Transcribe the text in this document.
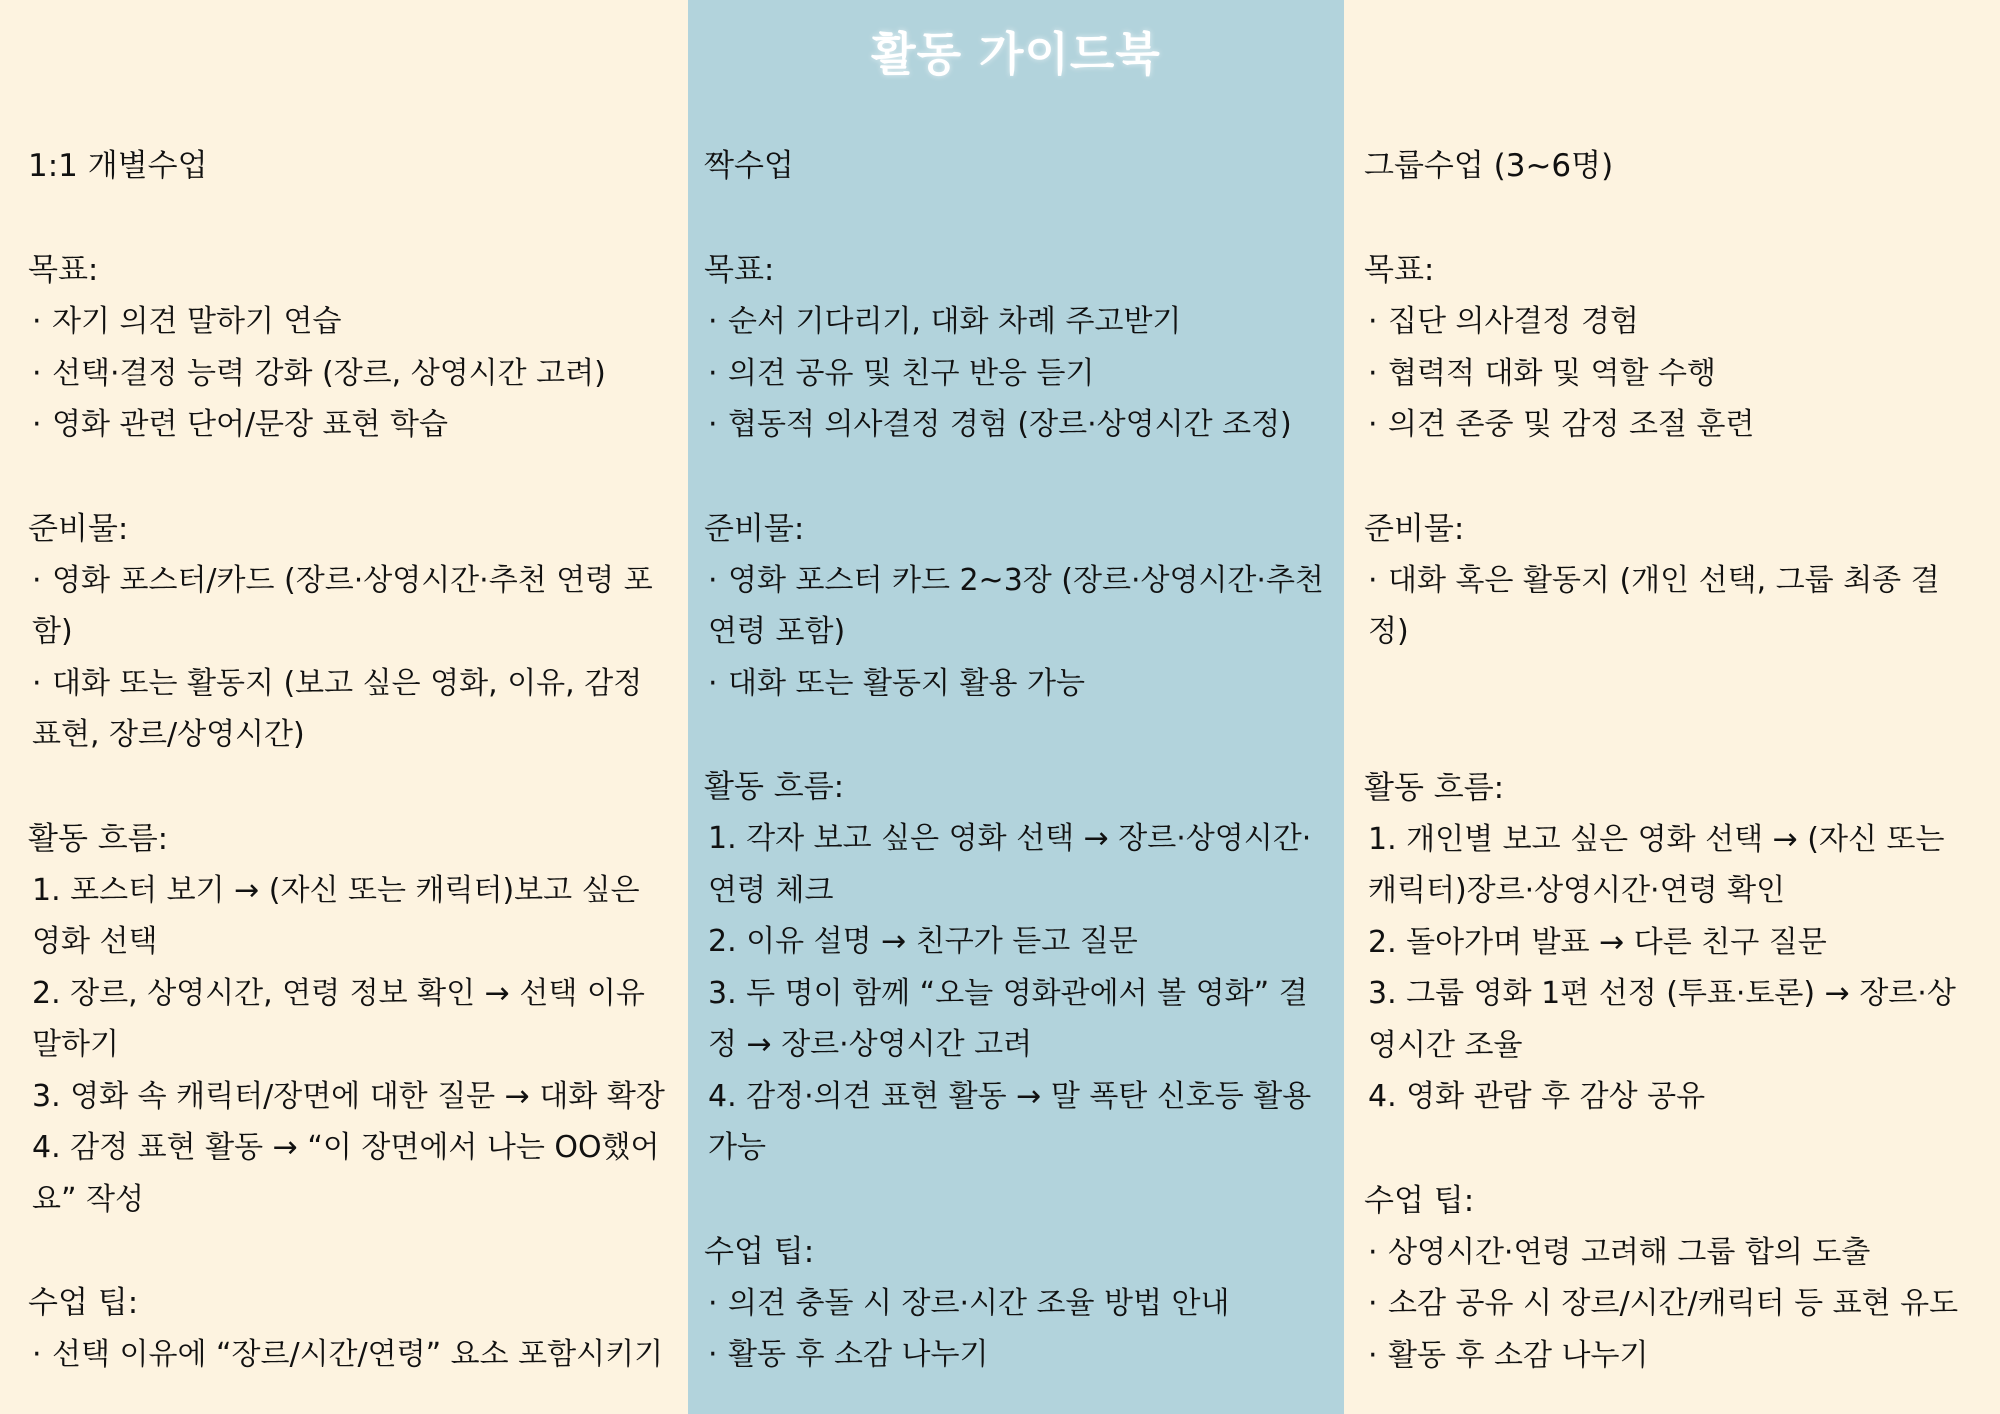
1:1 개별수업

목표:

· 자기 의견 말하기 연습

· 선택·결정 능력 강화 (장르, 상영시간 고려)

· 영화 관련 단어/문장 표현 학습

준비물:

· 영화 포스터/카드 (장르·상영시간·추천 연령 포함)

· 대화 또는 활동지 (보고 싶은 영화, 이유, 감정 표현, 장르/상영시간)

활동 흐름:

1. 포스터 보기 → (자신 또는 캐릭터)보고 싶은 영화 선택

2. 장르, 상영시간, 연령 정보 확인 → 선택 이유 말하기

3. 영화 속 캐릭터/장면에 대한 질문 → 대화 확장

4. 감정 표현 활동 → “이 장면에서 나는 OO했어요” 작성

수업 팁:

· 선택 이유에 “장르/시간/연령” 요소 포함시키기

짝수업

목표:

· 순서 기다리기, 대화 차례 주고받기

· 의견 공유 및 친구 반응 듣기

· 협동적 의사결정 경험 (장르·상영시간 조정)

준비물:

· 영화 포스터 카드 2~3장 (장르·상영시간·추천 연령 포함)

· 대화 또는 활동지 활용 가능

활동 흐름:

1. 각자 보고 싶은 영화 선택 → 장르·상영시간·연령 체크

2. 이유 설명 → 친구가 듣고 질문

3. 두 명이 함께 “오늘 영화관에서 볼 영화” 결정 → 장르·상영시간 고려

4. 감정·의견 표현 활동 → 말 폭탄 신호등 활용 가능

수업 팁:

· 의견 충돌 시 장르·시간 조율 방법 안내

· 활동 후 소감 나누기

그룹수업 (3~6명)

목표:

· 집단 의사결정 경험

· 협력적 대화 및 역할 수행

· 의견 존중 및 감정 조절 훈련

준비물:

· 대화 혹은 활동지 (개인 선택, 그룹 최종 결정)

활동 흐름:

1. 개인별 보고 싶은 영화 선택 → (자신 또는 캐릭터)장르·상영시간·연령 확인

2. 돌아가며 발표 → 다른 친구 질문

3. 그룹 영화 1편 선정 (투표·토론) → 장르·상영시간 조율

4. 영화 관람 후 감상 공유

수업 팁:

· 상영시간·연령 고려해 그룹 합의 도출

· 소감 공유 시 장르/시간/캐릭터 등 표현 유도

· 활동 후 소감 나누기

활동 가이드북
